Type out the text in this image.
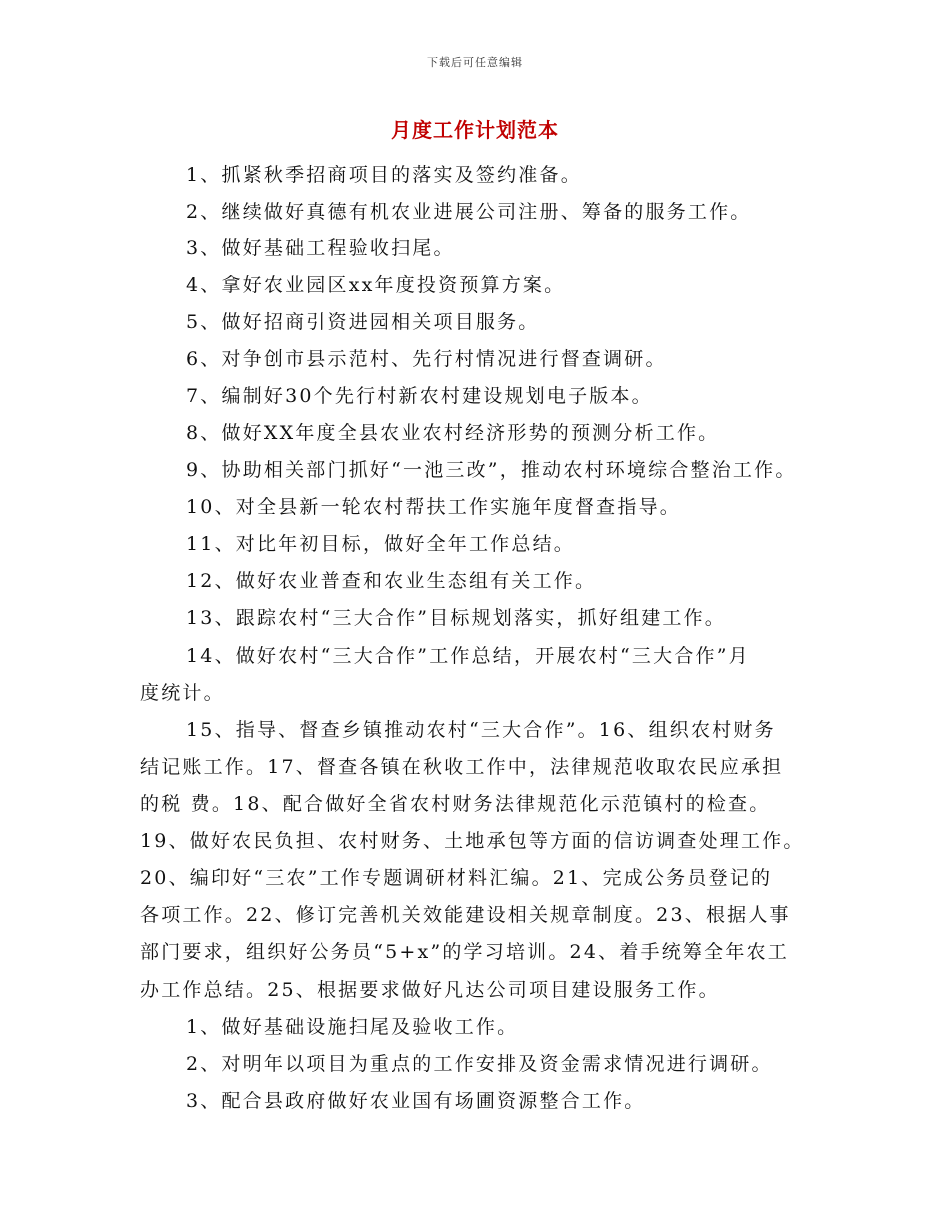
下载后可任意编辑
月度工作计划范本
1、抓紧秋季招商项目的落实及签约准备。
2、继续做好真德有机农业进展公司注册、筹备的服务工作。
3、做好基础工程验收扫尾。
4、拿好农业园区xx年度投资预算方案。
5、做好招商引资进园相关项目服务。
6、对争创市县示范村、先行村情况进行督查调研。
7、编制好30个先行村新农村建设规划电子版本。
8、做好XX年度全县农业农村经济形势的预测分析工作。
9、协助相关部门抓好“一池三改”，推动农村环境综合整治工作。
10、对全县新一轮农村帮扶工作实施年度督查指导。
11、对比年初目标，做好全年工作总结。
12、做好农业普查和农业生态组有关工作。
13、跟踪农村“三大合作”目标规划落实，抓好组建工作。
14、做好农村“三大合作”工作总结，开展农村“三大合作”月
度统计。
15、指导、督查乡镇推动农村“三大合作”。16、组织农村财务
结记账工作。17、督查各镇在秋收工作中，法律规范收取农民应承担
的税 费。18、配合做好全省农村财务法律规范化示范镇村的检查。
19、做好农民负担、农村财务、土地承包等方面的信访调查处理工作。
20、编印好“三农”工作专题调研材料汇编。21、完成公务员登记的
各项工作。22、修订完善机关效能建设相关规章制度。23、根据人事
部门要求，组织好公务员“5+x”的学习培训。24、着手统筹全年农工
办工作总结。25、根据要求做好凡达公司项目建设服务工作。
1、做好基础设施扫尾及验收工作。
2、对明年以项目为重点的工作安排及资金需求情况进行调研。
3、配合县政府做好农业国有场圃资源整合工作。
